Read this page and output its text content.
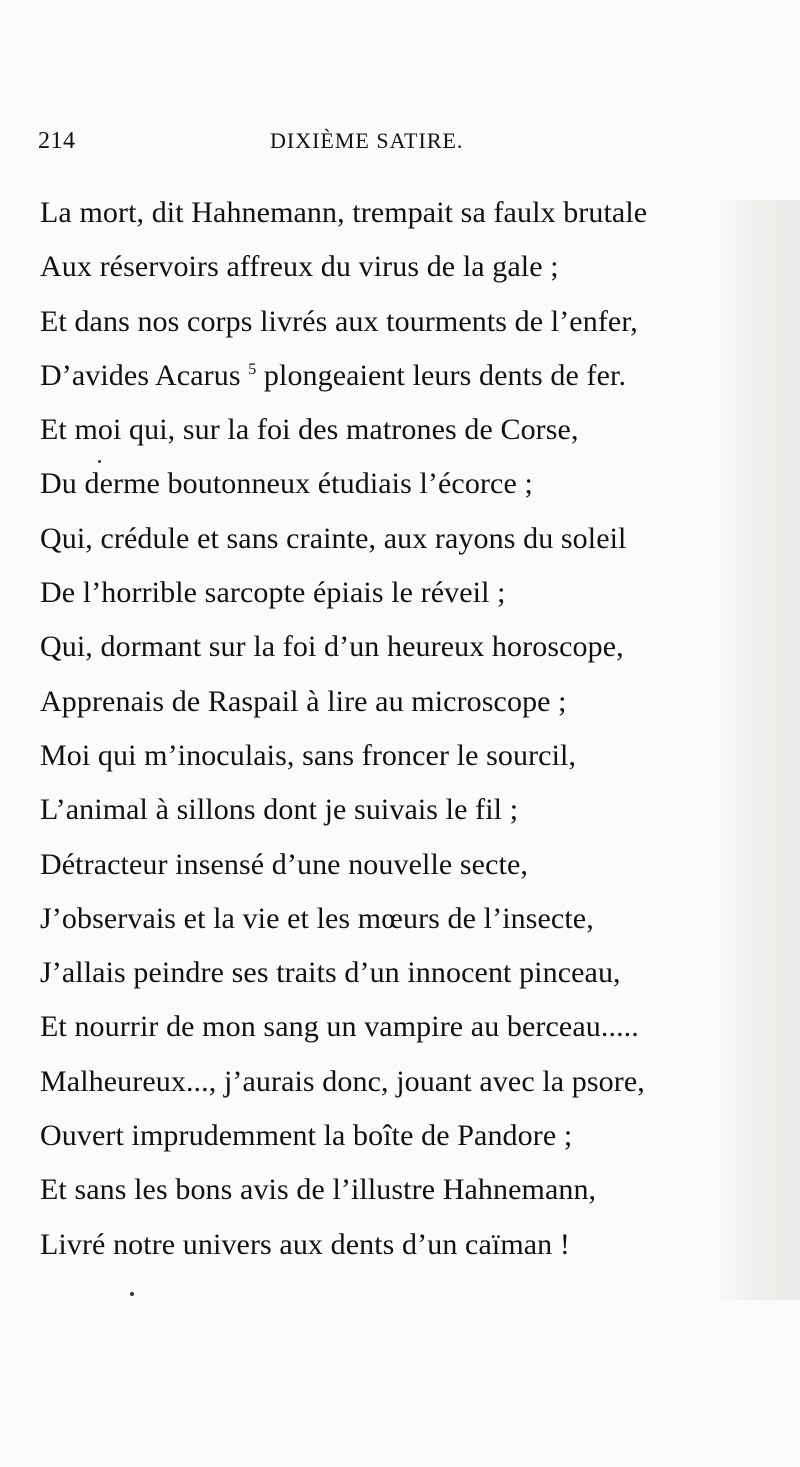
214	DIXIÈME SATIRE.
La mort, dit Hahnemann, trempait sa faulx brutale
Aux réservoirs affreux du virus de la gale ;
Et dans nos corps livrés aux tourments de l’enfer,
D’avides Acarus $^5$ plongeaient leurs dents de fer.
Et moi qui, sur la foi des matrones de Corse,
Du derme boutonneux étudiais l’écorce ;
Qui, crédule et sans crainte, aux rayons du soleil
De l’horrible sarcopte épiais le réveil ;
Qui, dormant sur la foi d’un heureux horoscope,
Apprenais de Raspail à lire au microscope ;
Moi qui m’inoculais, sans froncer le sourcil,
L’animal à sillons dont je suivais le fil ;
Détracteur insensé d’une nouvelle secte,
J’observais et la vie et les mœurs de l’insecte,
J’allais peindre ses traits d’un innocent pinceau,
Et nourrir de mon sang un vampire au berceau.....
Malheureux..., j’aurais donc, jouant avec la psore,
Ouvert imprudemment la boîte de Pandore ;
Et sans les bons avis de l’illustre Hahnemann,
Livré notre univers aux dents d’un caïman !
